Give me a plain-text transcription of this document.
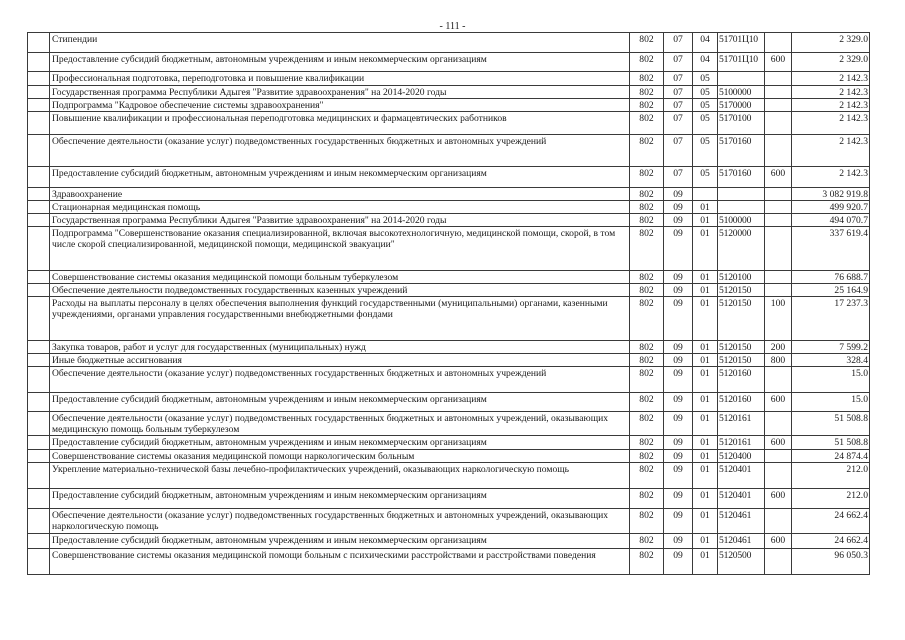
- 111 -
	Стипендии	802	07	04	51701Ц10		2 329.0
	Предоставление субсидий бюджетным, автономным учреждениям и иным некоммерческим организациям	802	07	04	51701Ц10	600	2 329.0
	Профессиональная подготовка, переподготовка и повышение квалификации	802	07	05			2 142.3
	Государственная программа Республики Адыгея "Развитие здравоохранения" на 2014-2020 годы	802	07	05	5100000		2 142.3
	Подпрограмма "Кадровое обеспечение системы здравоохранения"	802	07	05	5170000		2 142.3
	Повышение квалификации и профессиональная переподготовка медицинских и фармацевтических работников	802	07	05	5170100		2 142.3
	Обеспечение деятельности (оказание услуг) подведомственных государственных бюджетных и автономных учреждений	802	07	05	5170160		2 142.3
	Предоставление субсидий бюджетным, автономным учреждениям и иным некоммерческим организациям	802	07	05	5170160	600	2 142.3
	Здравоохранение	802	09				3 082 919.8
	Стационарная медицинская помощь	802	09	01			499 920.7
	Государственная программа Республики Адыгея "Развитие здравоохранения" на 2014-2020 годы	802	09	01	5100000		494 070.7
	Подпрограмма "Совершенствование оказания специализированной, включая высокотехнологичную, медицинской помощи, скорой, в том числе скорой специализированной, медицинской помощи, медицинской эвакуации"	802	09	01	5120000		337 619.4
	Совершенствование системы оказания медицинской помощи больным туберкулезом	802	09	01	5120100		76 688.7
	Обеспечение деятельности подведомственных государственных казенных учреждений	802	09	01	5120150		25 164.9
	Расходы на выплаты персоналу в целях обеспечения выполнения функций государственными (муниципальными) органами, казенными учреждениями, органами управления государственными внебюджетными фондами	802	09	01	5120150	100	17 237.3
	Закупка товаров, работ и услуг для государственных (муниципальных) нужд	802	09	01	5120150	200	7 599.2
	Иные бюджетные ассигнования	802	09	01	5120150	800	328.4
	Обеспечение деятельности (оказание услуг) подведомственных государственных бюджетных и автономных учреждений	802	09	01	5120160		15.0
	Предоставление субсидий бюджетным, автономным учреждениям и иным некоммерческим организациям	802	09	01	5120160	600	15.0
	Обеспечение деятельности (оказание услуг) подведомственных государственных бюджетных и автономных учреждений, оказывающих медицинскую помощь больным туберкулезом	802	09	01	5120161		51 508.8
	Предоставление субсидий бюджетным, автономным учреждениям и иным некоммерческим организациям	802	09	01	5120161	600	51 508.8
	Совершенствование системы оказания медицинской помощи наркологическим больным	802	09	01	5120400		24 874.4
	Укрепление материально-технической базы лечебно-профилактических учреждений, оказывающих наркологическую помощь	802	09	01	5120401		212.0
	Предоставление субсидий бюджетным, автономным учреждениям и иным некоммерческим организациям	802	09	01	5120401	600	212.0
	Обеспечение деятельности (оказание услуг) подведомственных государственных бюджетных и автономных учреждений, оказывающих наркологическую помощь	802	09	01	5120461		24 662.4
	Предоставление субсидий бюджетным, автономным учреждениям и иным некоммерческим организациям	802	09	01	5120461	600	24 662.4
	Совершенствование системы оказания медицинской помощи больным с психическими расстройствами и расстройствами поведения	802	09	01	5120500		96 050.3
